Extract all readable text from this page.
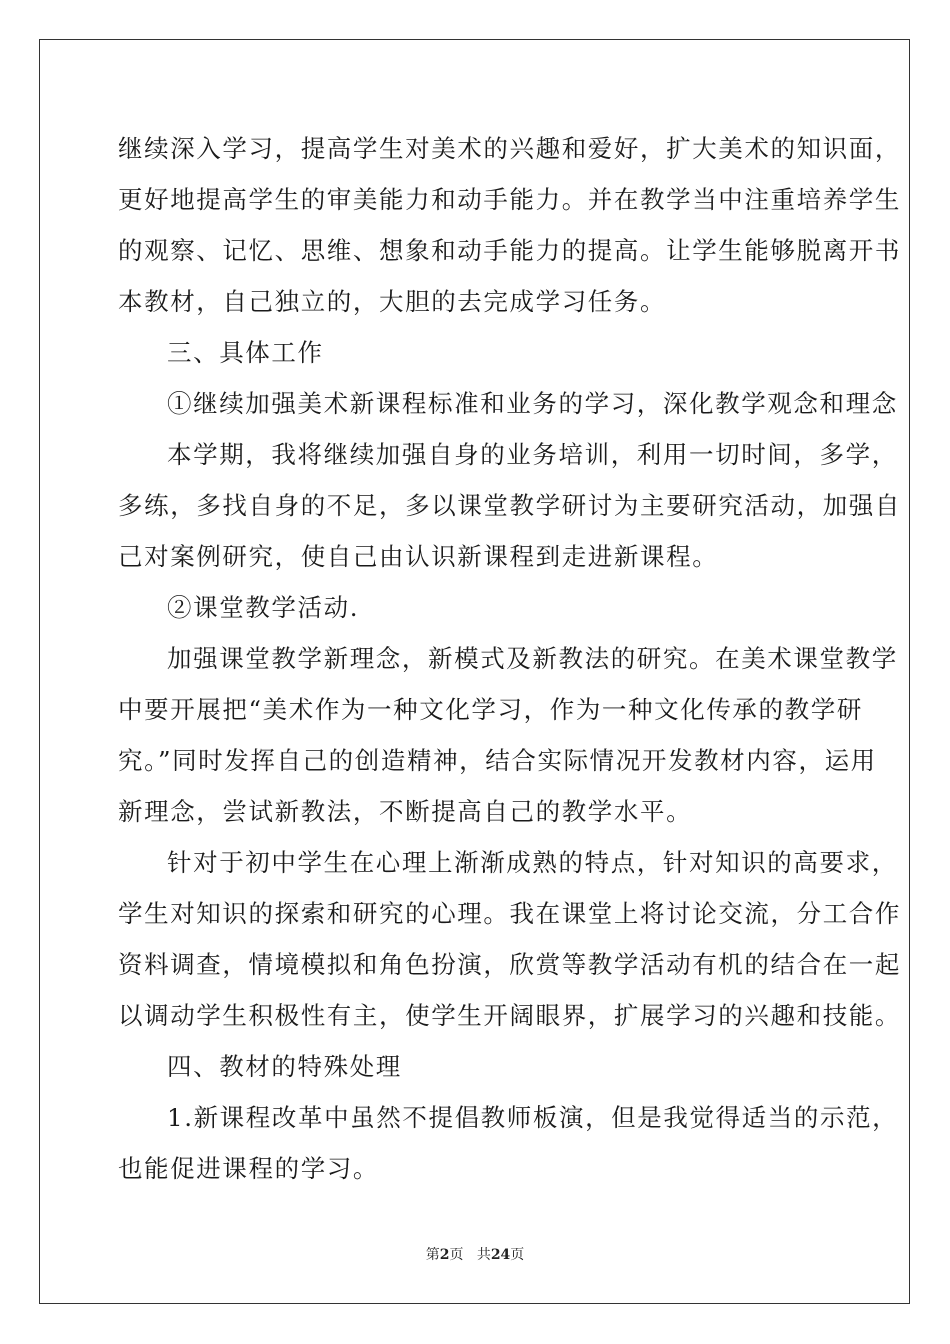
继续深入学习，提高学生对美术的兴趣和爱好，扩大美术的知识面，
更好地提高学生的审美能力和动手能力。并在教学当中注重培养学生
的观察、记忆、思维、想象和动手能力的提高。让学生能够脱离开书
本教材，自己独立的，大胆的去完成学习任务。
三、具体工作
①继续加强美术新课程标准和业务的学习，深化教学观念和理念
本学期，我将继续加强自身的业务培训，利用一切时间，多学，
多练，多找自身的不足，多以课堂教学研讨为主要研究活动，加强自
己对案例研究，使自己由认识新课程到走进新课程。
②课堂教学活动.
加强课堂教学新理念，新模式及新教法的研究。在美术课堂教学
中要开展把“美术作为一种文化学习，作为一种文化传承的教学研
究。”同时发挥自己的创造精神，结合实际情况开发教材内容，运用
新理念，尝试新教法，不断提高自己的教学水平。
针对于初中学生在心理上渐渐成熟的特点，针对知识的高要求，
学生对知识的探索和研究的心理。我在课堂上将讨论交流，分工合作
资料调查，情境模拟和角色扮演，欣赏等教学活动有机的结合在一起
以调动学生积极性有主，使学生开阔眼界，扩展学习的兴趣和技能。
四、教材的特殊处理
1.新课程改革中虽然不提倡教师板演，但是我觉得适当的示范，
也能促进课程的学习。
第2页 共24页
